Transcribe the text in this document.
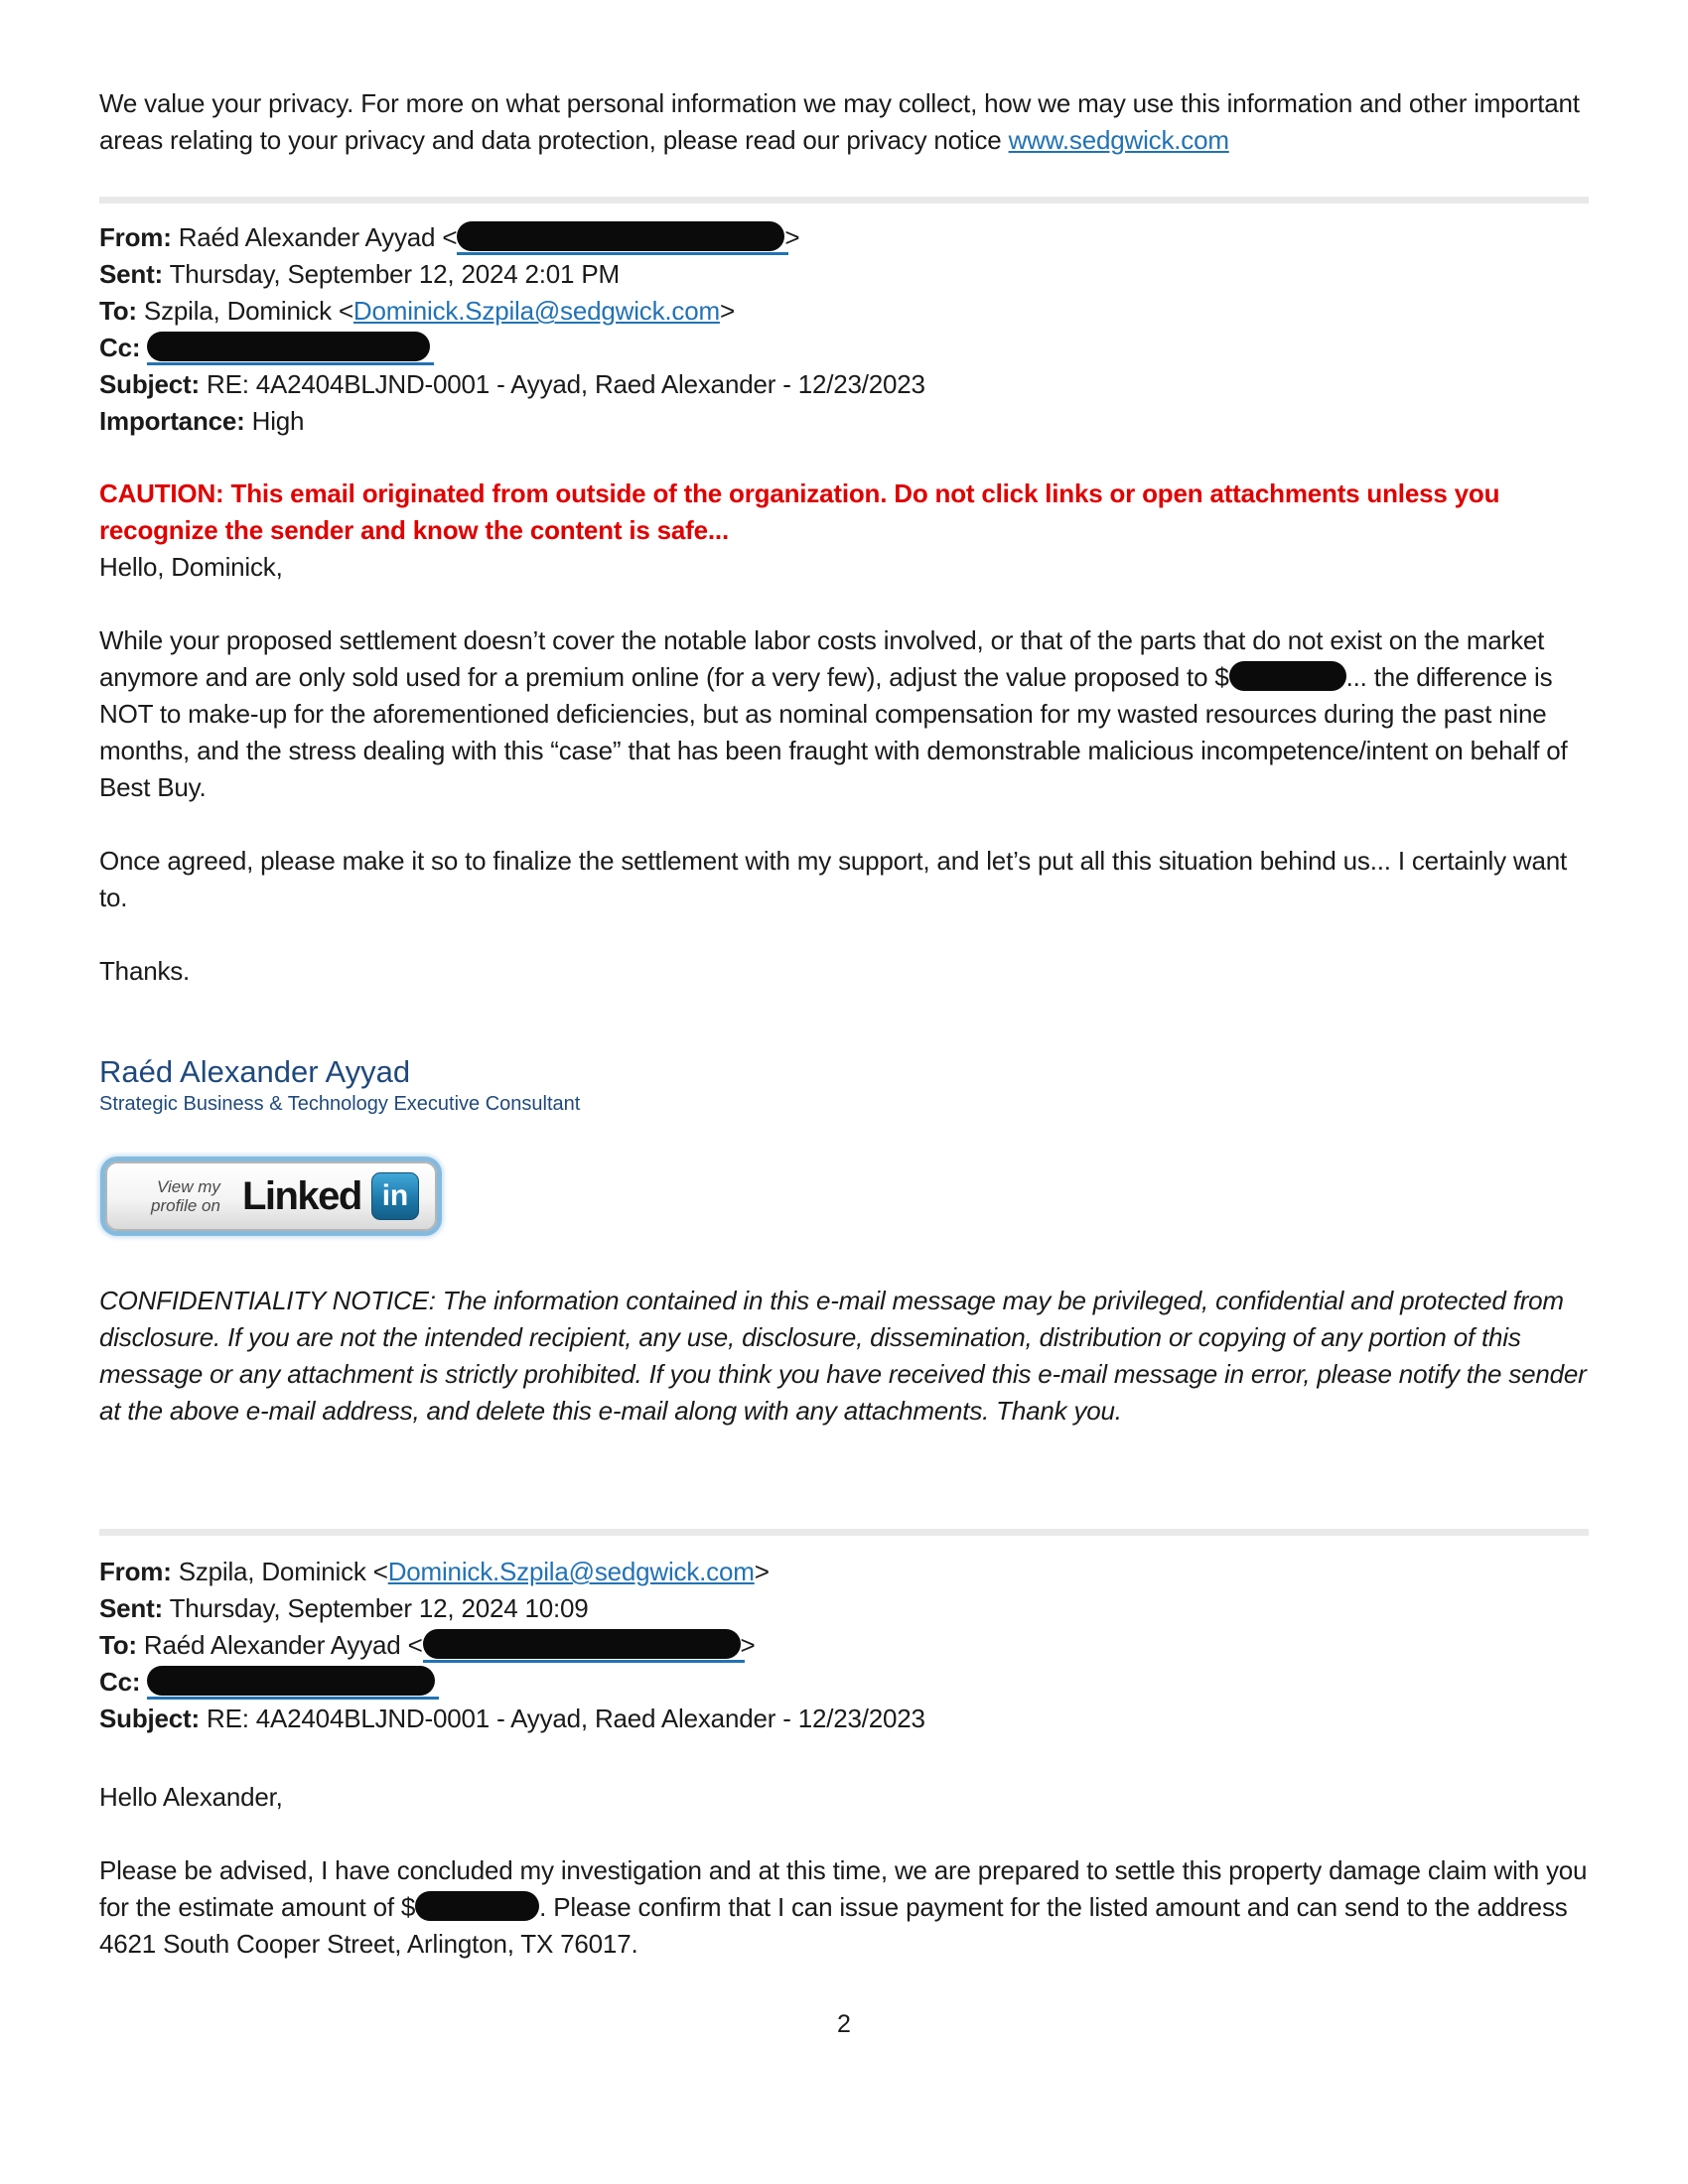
We value your privacy. For more on what personal information we may collect, how we may use this information and other important areas relating to your privacy and data protection, please read our privacy notice www.sedgwick.com

From: Raéd Alexander Ayyad <	>
Sent: Thursday, September 12, 2024 2:01 PM
To: Szpila, Dominick <Dominick.Szpila@sedgwick.com>
Cc:
Subject: RE: 4A2404BLJND-0001 - Ayyad, Raed Alexander - 12/23/2023
Importance: High

CAUTION: This email originated from outside of the organization. Do not click links or open attachments unless you recognize the sender and know the content is safe...

Hello, Dominick,

While your proposed settlement doesn’t cover the notable labor costs involved, or that of the parts that do not exist on the market anymore and are only sold used for a premium online (for a very few), adjust the value proposed to $	... the difference is NOT to make-up for the aforementioned deficiencies, but as nominal compensation for my wasted resources during the past nine months, and the stress dealing with this “case” that has been fraught with demonstrable malicious incompetence/intent on behalf of Best Buy.

Once agreed, please make it so to finalize the settlement with my support, and let’s put all this situation behind us... I certainly want to.

Thanks.

Raéd Alexander Ayyad
Strategic Business & Technology Executive Consultant
View my
profile on Linked in

CONFIDENTIALITY NOTICE: The information contained in this e-mail message may be privileged, confidential and protected from disclosure. If you are not the intended recipient, any use, disclosure, dissemination, distribution or copying of any portion of this message or any attachment is strictly prohibited. If you think you have received this e-mail message in error, please notify the sender at the above e-mail address, and delete this e-mail along with any attachments. Thank you.

From: Szpila, Dominick <Dominick.Szpila@sedgwick.com>
Sent: Thursday, September 12, 2024 10:09
To: Raéd Alexander Ayyad <	>
Cc:
Subject: RE: 4A2404BLJND-0001 - Ayyad, Raed Alexander - 12/23/2023

Hello Alexander,

Please be advised, I have concluded my investigation and at this time, we are prepared to settle this property damage claim with you for the estimate amount of $	. Please confirm that I can issue payment for the listed amount and can send to the address 4621 South Cooper Street, Arlington, TX 76017.

2
